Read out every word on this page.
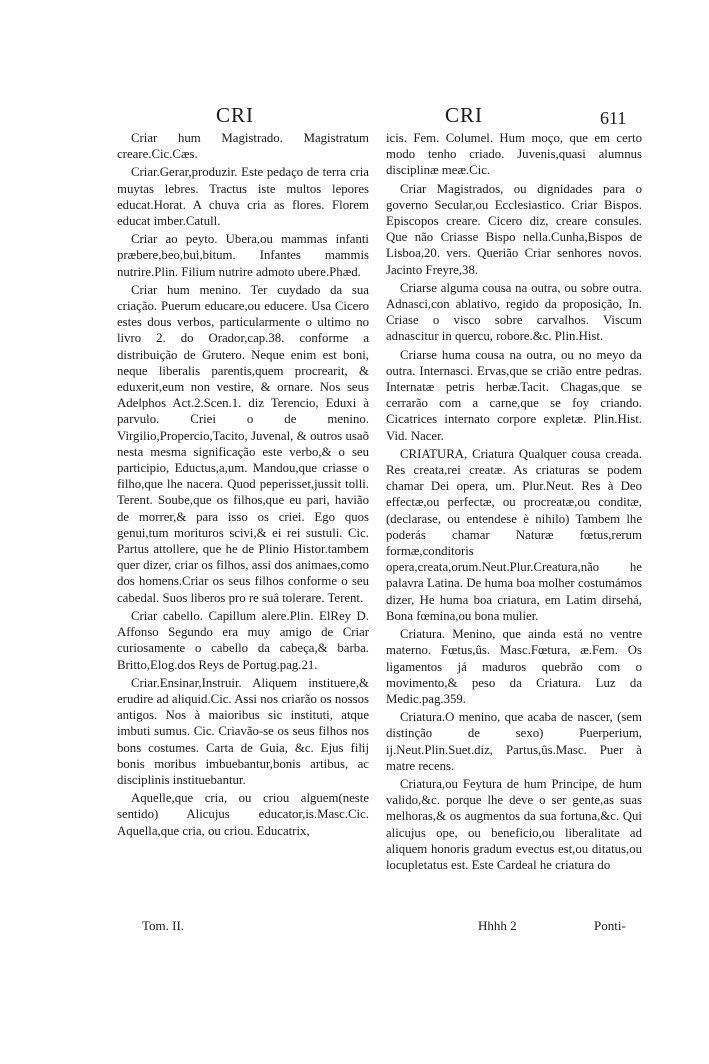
CRI	CRI	611

Criar hum Magistrado. Magistratum creare.Cic.Cæs.

Criar.Gerar,produzir. Este pedaço de terra cria muytas lebres. Tractus iste multos lepores educat.Horat. A chuva cria as flores. Florem educat imber.Catull.

Criar ao peyto. Ubera,ou mammas infanti præbere,beo,bui,bitum. Infantes mammis nutrire.Plin. Filium nutrire admoto ubere.Phæd.

Criar hum menino. Ter cuydado da sua criação. Puerum educare,ou educere. Usa Cicero estes dous verbos, particularmente o ultimo no livro 2. do Orador,cap.38. conforme a distribuição de Grutero. Neque enim est boni, neque liberalis parentis,quem procrearit, & eduxerit,eum non vestire, & ornare. Nos seus Adelphos Act.2.Scen.1. diz Terencio, Eduxi à parvulo. Criei o de menino. Virgilio,Propercio,Tacito, Juvenal, & outros usaõ nesta mesma significação este verbo,& o seu participio, Eductus,a,um. Mandou,que criasse o filho,que lhe nacera. Quod peperisset,jussit tolli. Terent. Soube,que os filhos,que eu pari, havião de morrer,& para isso os criei. Ego quos genui,tum morituros scivi,& ei rei sustuli. Cic. Partus attollere, que he de Plinio Histor.tambem quer dizer, criar os filhos, assi dos animaes,como dos homens.Criar os seus filhos conforme o seu cabedal. Suos liberos pro re suâ tolerare. Terent.

Criar cabello. Capillum alere.Plin. ElRey D. Affonso Segundo era muy amigo de Criar curiosamente o cabello da cabeça,& barba. Britto,Elog.dos Reys de Portug.pag.21.

Criar.Ensinar,Instruir. Aliquem instituere,& erudire ad aliquid.Cic. Assi nos criarão os nossos antigos. Nos à maioribus sic instituti, atque imbuti sumus. Cic. Criavão-se os seus filhos nos bons costumes. Carta de Guia, &c. Ejus filij bonis moribus imbuebantur,bonis artibus, ac disciplinis instituebantur.

Aquelle,que cria, ou criou alguem(neste sentido) Alicujus educator,is.Masc.Cic. Aquella,que cria, ou criou. Educatrix,

icis. Fem. Columel. Hum moço, que em certo modo tenho criado. Juvenis,quasi alumnus disciplinæ meæ.Cic.

Criar Magistrados, ou dignidades para o governo Secular,ou Ecclesiastico. Criar Bispos. Episcopos creare. Cicero diz, creare consules. Que não Criasse Bispo nella.Cunha,Bispos de Lisboa,20. vers. Querião Criar senhores novos. Jacinto Freyre,38.

Criarse alguma cousa na outra, ou sobre outra. Adnasci,con ablativo, regido da proposição, In. Criase o visco sobre carvalhos. Viscum adnascitur in quercu, robore.&c. Plin.Hist.

Criarse huma cousa na outra, ou no meyo da outra. Internasci. Ervas,que se crião entre pedras. Internatæ petris herbæ.Tacit. Chagas,que se cerrarão com a carne,que se foy criando. Cicatrices internato corpore expletæ. Plin.Hist. Vid. Nacer.

CRIATURA, Criatura Qualquer cousa creada. Res creata,rei creatæ. As criaturas se podem chamar Dei opera, um. Plur.Neut. Res à Deo effectæ,ou perfectæ, ou procreatæ,ou conditæ, (declarase, ou entendese è nihilo) Tambem lhe poderás chamar Naturæ fœtus,rerum formæ,conditoris opera,creata,orum.Neut.Plur.Creatura,não he palavra Latina. De huma boa molher costumámos dizer, He huma boa criatura, em Latim dirsehá, Bona fœmina,ou bona mulier.

Criatura. Menino, que ainda está no ventre materno. Fœtus,ûs. Masc.Fœtura, æ.Fem. Os ligamentos já maduros quebrão com o movimento,& peso da Criatura. Luz da Medic.pag.359.

Criatura.O menino, que acaba de nascer, (sem distinção de sexo) Puerperium, ij.Neut.Plin.Suet.diz, Partus,ûs.Masc. Puer à matre recens.

Criatura,ou Feytura de hum Principe, de hum valido,&c. porque lhe deve o ser gente,as suas melhoras,& os augmentos da sua fortuna,&c. Qui alicujus ope, ou beneficio,ou liberalitate ad aliquem honoris gradum evectus est,ou ditatus,ou locupletatus est. Este Cardeal he criatura do

Tom. II.	Hhhh 2	Ponti-
